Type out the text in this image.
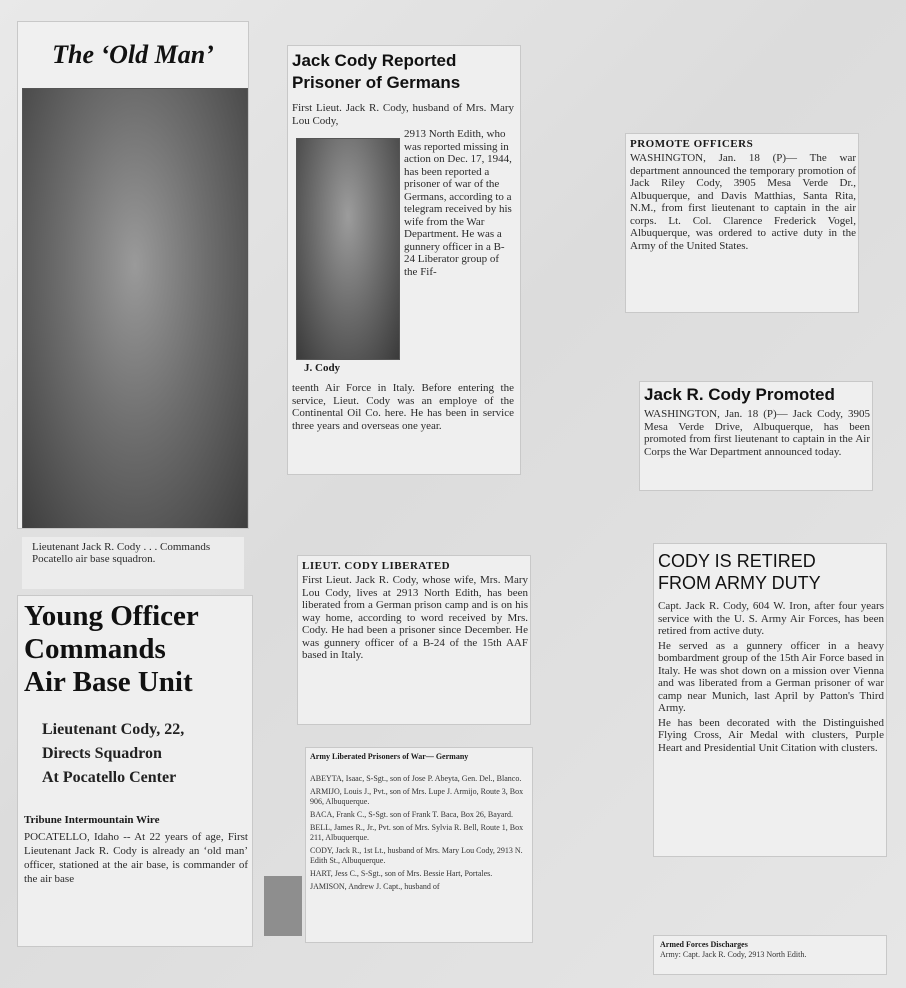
The ‘Old Man’

Lieutenant Jack R. Cody . . . Commands Pocatello air base squadron.

Young Officer
Commands
Air Base Unit
Lieutenant Cody, 22,
Directs Squadron
At Pocatello Center
Tribune Intermountain Wire

POCATELLO, Idaho -- At 22 years of age, First Lieutenant Jack R. Cody is already an ‘old man’ officer, stationed at the air base, is commander of the air base

Jack Cody Reported
Prisoner of Germans

First Lieut. Jack R. Cody, husband of Mrs. Mary Lou Cody,

J. Cody

2913 North Edith, who was reported missing in action on Dec. 17, 1944, has been reported a prisoner of war of the Germans, according to a telegram received by his wife from the War Department. He was a gunnery officer in a B-24 Liberator group of the Fif-

teenth Air Force in Italy. Before entering the service, Lieut. Cody was an employe of the Continental Oil Co. here. He has been in service three years and overseas one year.

PROMOTE OFFICERS

WASHINGTON, Jan. 18 (P)— The war department announced the temporary promotion of Jack Riley Cody, 3905 Mesa Verde Dr., Albuquerque, and Davis Matthias, Santa Rita, N.M., from first lieutenant to captain in the air corps. Lt. Col. Clarence Frederick Vogel, Albuquerque, was ordered to active duty in the Army of the United States.

Jack R. Cody Promoted

WASHINGTON, Jan. 18 (P)— Jack Cody, 3905 Mesa Verde Drive, Albuquerque, has been promoted from first lieutenant to captain in the Air Corps the War Department announced today.

LIEUT. CODY LIBERATED

First Lieut. Jack R. Cody, whose wife, Mrs. Mary Lou Cody, lives at 2913 North Edith, has been liberated from a German prison camp and is on his way home, according to word received by Mrs. Cody. He had been a prisoner since December. He was gunnery officer of a B-24 of the 15th AAF based in Italy.

Army Liberated Prisoners of War— Germany

ABEYTA, Isaac, S-Sgt., son of Jose P. Abeyta, Gen. Del., Blanco.

ARMIJO, Louis J., Pvt., son of Mrs. Lupe J. Armijo, Route 3, Box 906, Albuquerque.

BACA, Frank C., S-Sgt. son of Frank T. Baca, Box 26, Bayard.

BELL, James R., Jr., Pvt. son of Mrs. Sylvia R. Bell, Route 1, Box 211, Albuquerque.

CODY, Jack R., 1st Lt., husband of Mrs. Mary Lou Cody, 2913 N. Edith St., Albuquerque.

HART, Jess C., S-Sgt., son of Mrs. Bessie Hart, Portales.

JAMISON, Andrew J. Capt., husband of

CODY IS RETIRED
FROM ARMY DUTY

Capt. Jack R. Cody, 604 W. Iron, after four years service with the U. S. Army Air Forces, has been retired from active duty.

He served as a gunnery officer in a heavy bombardment group of the 15th Air Force based in Italy. He was shot down on a mission over Vienna and was liberated from a German prisoner of war camp near Munich, last April by Patton's Third Army.

He has been decorated with the Distinguished Flying Cross, Air Medal with clusters, Purple Heart and Presidential Unit Citation with clusters.

Armed Forces Discharges

Army: Capt. Jack R. Cody, 2913 North Edith.
